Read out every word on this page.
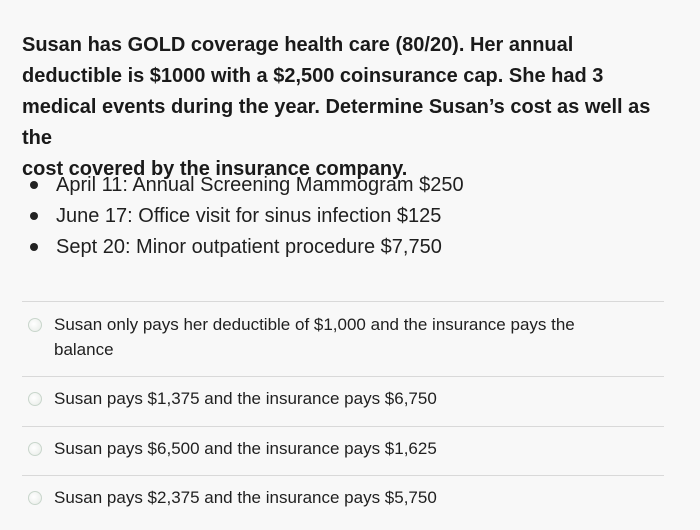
Susan has GOLD coverage health care (80/20). Her annual
deductible is $1000 with a $2,500 coinsurance cap. She had 3
medical events during the year. Determine Susan’s cost as well as the
cost covered by the insurance company.
April 11: Annual Screening Mammogram $250
June 17: Office visit for sinus infection $125
Sept 20: Minor outpatient procedure $7,750
Susan only pays her deductible of $1,000 and the insurance pays the
balance
Susan pays $1,375 and the insurance pays $6,750
Susan pays $6,500 and the insurance pays $1,625
Susan pays $2,375 and the insurance pays $5,750
